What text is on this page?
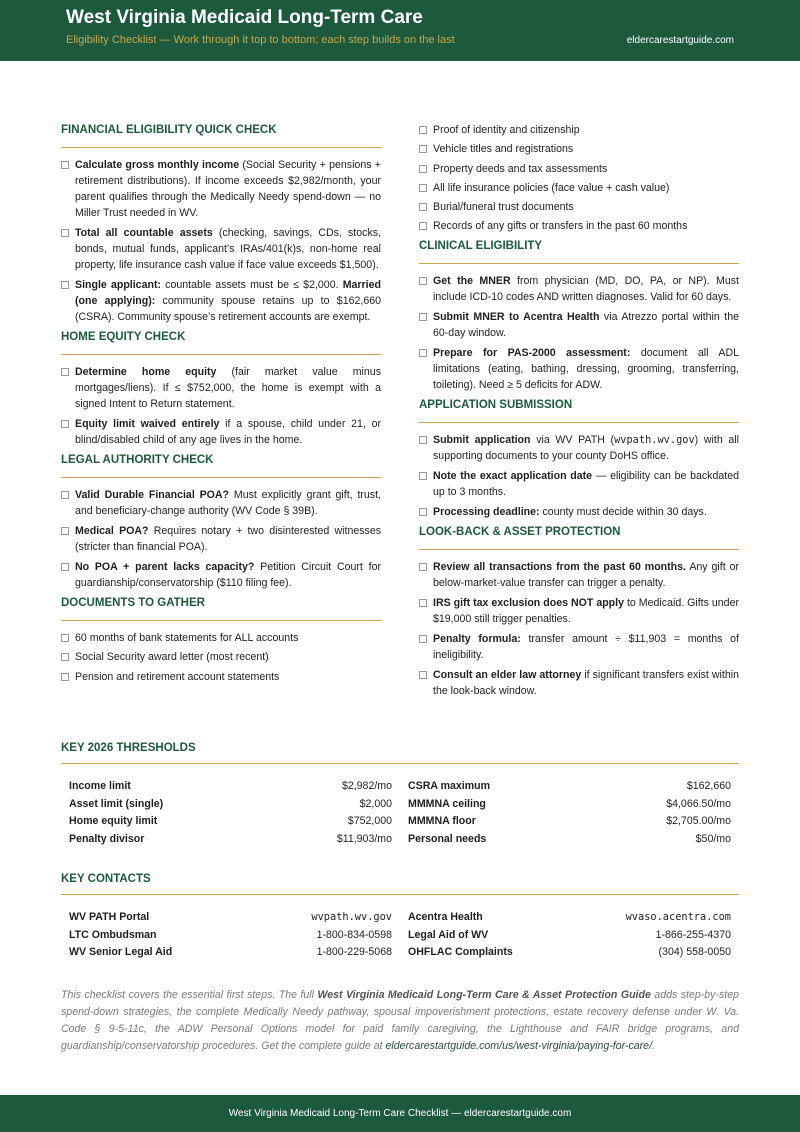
West Virginia Medicaid Long-Term Care
Eligibility Checklist — Work through it top to bottom; each step builds on the last	eldercarestartguide.com
FINANCIAL ELIGIBILITY QUICK CHECK
Calculate gross monthly income (Social Security + pensions + retirement distributions). If income exceeds $2,982/month, your parent qualifies through the Medically Needy spend-down — no Miller Trust needed in WV.
Total all countable assets (checking, savings, CDs, stocks, bonds, mutual funds, applicant’s IRAs/401(k)s, non-home real property, life insurance cash value if face value exceeds $1,500).
Single applicant: countable assets must be ≤ $2,000. Married (one applying): community spouse retains up to $162,660 (CSRA). Community spouse’s retirement accounts are exempt.
HOME EQUITY CHECK
Determine home equity (fair market value minus mortgages/liens). If ≤ $752,000, the home is exempt with a signed Intent to Return statement.
Equity limit waived entirely if a spouse, child under 21, or blind/disabled child of any age lives in the home.
LEGAL AUTHORITY CHECK
Valid Durable Financial POA? Must explicitly grant gift, trust, and beneficiary-change authority (WV Code § 39B).
Medical POA? Requires notary + two disinterested witnesses (stricter than financial POA).
No POA + parent lacks capacity? Petition Circuit Court for guardianship/conservatorship ($110 filing fee).
DOCUMENTS TO GATHER
60 months of bank statements for ALL accounts
Social Security award letter (most recent)
Pension and retirement account statements
Proof of identity and citizenship
Vehicle titles and registrations
Property deeds and tax assessments
All life insurance policies (face value + cash value)
Burial/funeral trust documents
Records of any gifts or transfers in the past 60 months
CLINICAL ELIGIBILITY
Get the MNER from physician (MD, DO, PA, or NP). Must include ICD-10 codes AND written diagnoses. Valid for 60 days.
Submit MNER to Acentra Health via Atrezzo portal within the 60-day window.
Prepare for PAS-2000 assessment: document all ADL limitations (eating, bathing, dressing, grooming, transferring, toileting). Need ≥ 5 deficits for ADW.
APPLICATION SUBMISSION
Submit application via WV PATH (wvpath.wv.gov) with all supporting documents to your county DoHS office.
Note the exact application date — eligibility can be backdated up to 3 months.
Processing deadline: county must decide within 30 days.
LOOK-BACK & ASSET PROTECTION
Review all transactions from the past 60 months. Any gift or below-market-value transfer can trigger a penalty.
IRS gift tax exclusion does NOT apply to Medicaid. Gifts under $19,000 still trigger penalties.
Penalty formula: transfer amount ÷ $11,903 = months of ineligibility.
Consult an elder law attorney if significant transfers exist within the look-back window.
KEY 2026 THRESHOLDS
Income limit	$2,982/mo
Asset limit (single)	$2,000
Home equity limit	$752,000
Penalty divisor	$11,903/mo
CSRA maximum	$162,660
MMMNA ceiling	$4,066.50/mo
MMMNA floor	$2,705.00/mo
Personal needs	$50/mo
KEY CONTACTS
WV PATH Portal	wvpath.wv.gov
LTC Ombudsman	1-800-834-0598
WV Senior Legal Aid	1-800-229-5068
Acentra Health	wvaso.acentra.com
Legal Aid of WV	1-866-255-4370
OHFLAC Complaints	(304) 558-0050
This checklist covers the essential first steps. The full West Virginia Medicaid Long-Term Care & Asset Protection Guide adds step-by-step spend-down strategies, the complete Medically Needy pathway, spousal impoverishment protections, estate recovery defense under W. Va. Code § 9-5-11c, the ADW Personal Options model for paid family caregiving, the Lighthouse and FAIR bridge programs, and guardianship/conservatorship procedures. Get the complete guide at eldercarestartguide.com/us/west-virginia/paying-for-care/.
West Virginia Medicaid Long-Term Care Checklist — eldercarestartguide.com
